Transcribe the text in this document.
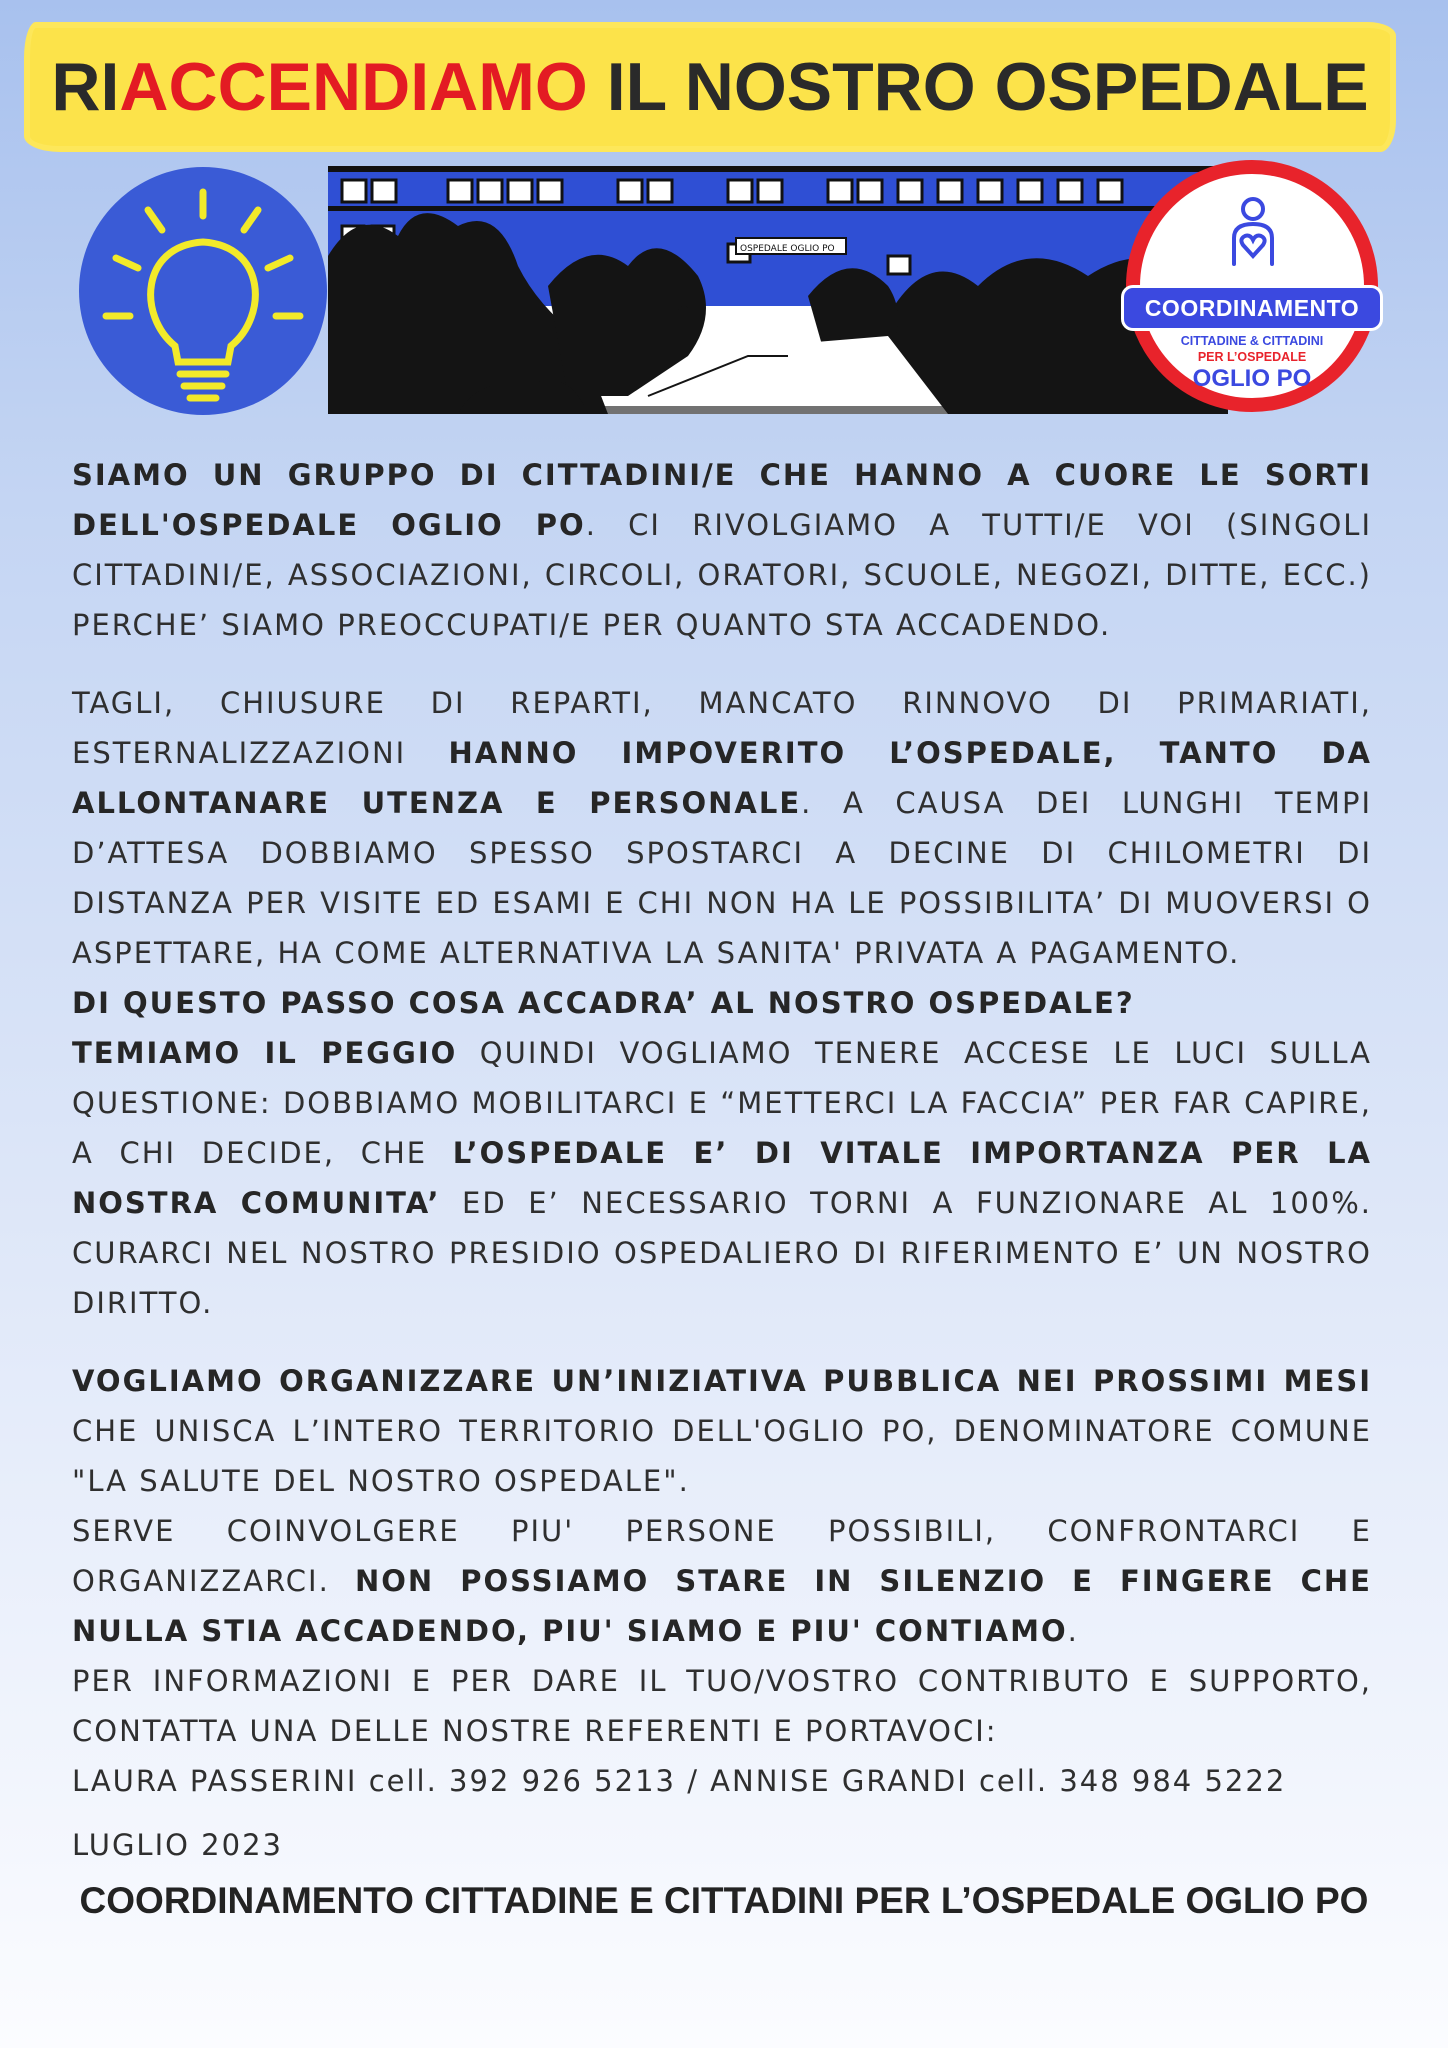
RI ACCENDIAMO IL NOSTRO OSPEDALE
OSPEDALE OGLIO PO
COORDINAMENTO
CITTADINE & CITTADINI
PER L’OSPEDALE
OGLIO PO

SIAMO UN GRUPPO DI CITTADINI/E CHE HANNO A CUORE LE SORTI DELL'OSPEDALE OGLIO PO. CI RIVOLGIAMO A TUTTI/E VOI (SINGOLI CITTADINI/E, ASSOCIAZIONI, CIRCOLI, ORATORI, SCUOLE, NEGOZI, DITTE, ECC.) PERCHE’ SIAMO PREOCCUPATI/E PER QUANTO STA ACCADENDO.

TAGLI, CHIUSURE DI REPARTI, MANCATO RINNOVO DI PRIMARIATI, ESTERNALIZZAZIONI HANNO IMPOVERITO L’OSPEDALE, TANTO DA ALLONTANARE UTENZA E PERSONALE. A CAUSA DEI LUNGHI TEMPI D’ATTESA DOBBIAMO SPESSO SPOSTARCI A DECINE DI CHILOMETRI DI DISTANZA PER VISITE ED ESAMI E CHI NON HA LE POSSIBILITA’ DI MUOVERSI O ASPETTARE, HA COME ALTERNATIVA LA SANITA' PRIVATA A PAGAMENTO.

DI QUESTO PASSO COSA ACCADRA’ AL NOSTRO OSPEDALE?

TEMIAMO IL PEGGIO QUINDI VOGLIAMO TENERE ACCESE LE LUCI SULLA QUESTIONE: DOBBIAMO MOBILITARCI E “METTERCI LA FACCIA” PER FAR CAPIRE, A CHI DECIDE, CHE L’OSPEDALE E’ DI VITALE IMPORTANZA PER LA NOSTRA COMUNITA’ ED E’ NECESSARIO TORNI A FUNZIONARE AL 100%. CURARCI NEL NOSTRO PRESIDIO OSPEDALIERO DI RIFERIMENTO E’ UN NOSTRO DIRITTO.

VOGLIAMO ORGANIZZARE UN’INIZIATIVA PUBBLICA NEI PROSSIMI MESI CHE UNISCA L’INTERO TERRITORIO DELL'OGLIO PO, DENOMINATORE COMUNE "LA SALUTE DEL NOSTRO OSPEDALE".

SERVE COINVOLGERE PIU' PERSONE POSSIBILI, CONFRONTARCI E ORGANIZZARCI. NON POSSIAMO STARE IN SILENZIO E FINGERE CHE NULLA STIA ACCADENDO, PIU' SIAMO E PIU' CONTIAMO.

PER INFORMAZIONI E PER DARE IL TUO/VOSTRO CONTRIBUTO E SUPPORTO, CONTATTA UNA DELLE NOSTRE REFERENTI E PORTAVOCI:

LAURA PASSERINI cell. 392 926 5213 / ANNISE GRANDI cell. 348 984 5222

LUGLIO 2023
COORDINAMENTO CITTADINE E CITTADINI PER L’OSPEDALE OGLIO PO
